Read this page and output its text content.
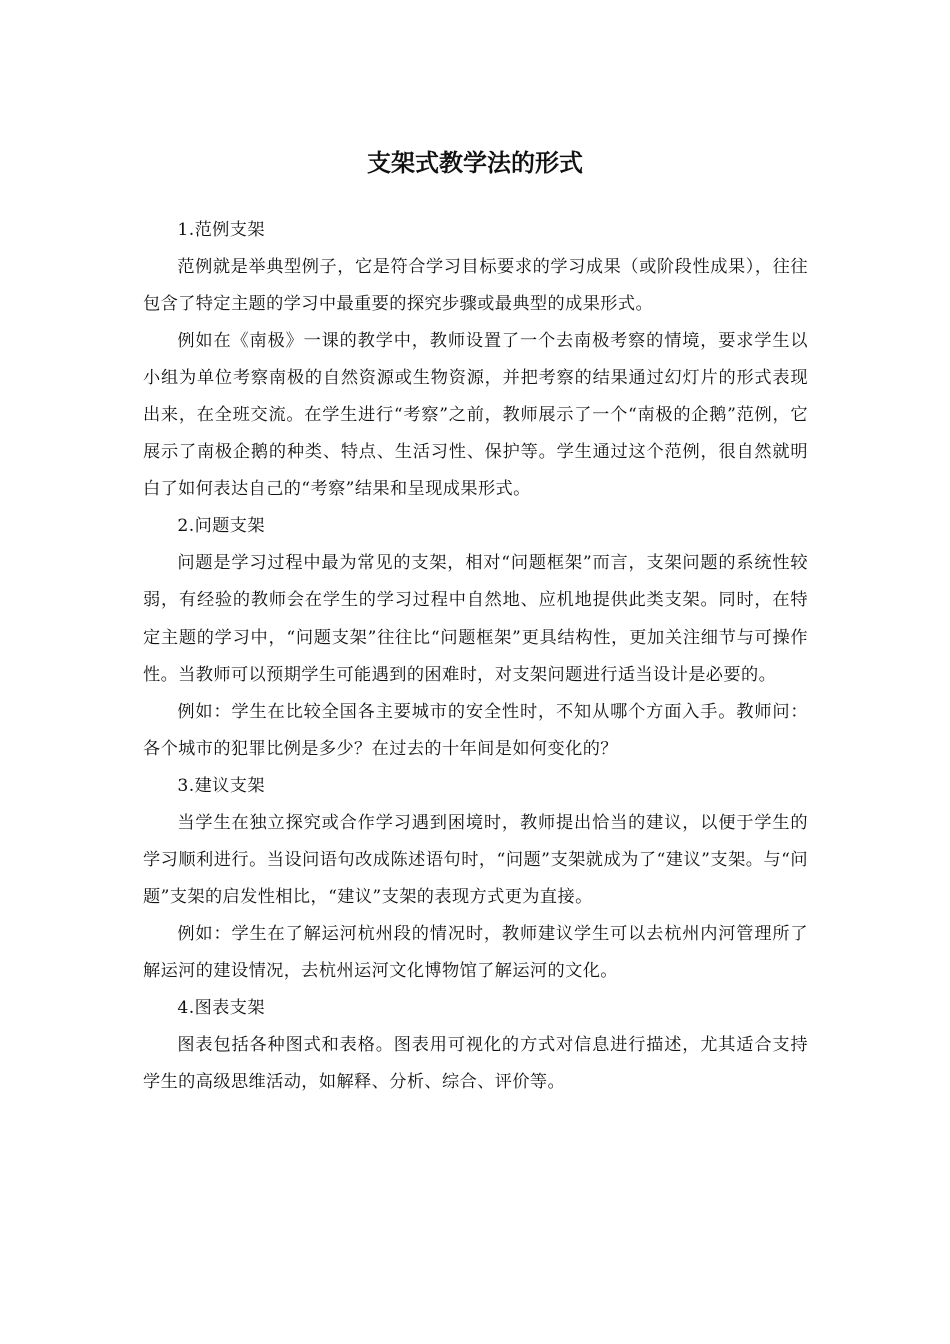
支架式教学法的形式

1.范例支架

范例就是举典型例子，它是符合学习目标要求的学习成果（或阶段性成果），往往包含了特定主题的学习中最重要的探究步骤或最典型的成果形式。

例如在《南极》一课的教学中，教师设置了一个去南极考察的情境，要求学生以小组为单位考察南极的自然资源或生物资源，并把考察的结果通过幻灯片的形式表现出来，在全班交流。在学生进行“考察”之前，教师展示了一个“南极的企鹅”范例，它展示了南极企鹅的种类、特点、生活习性、保护等。学生通过这个范例，很自然就明白了如何表达自己的“考察”结果和呈现成果形式。

2.问题支架

问题是学习过程中最为常见的支架，相对“问题框架”而言，支架问题的系统性较弱，有经验的教师会在学生的学习过程中自然地、应机地提供此类支架。同时，在特定主题的学习中，“问题支架”往往比“问题框架”更具结构性，更加关注细节与可操作性。当教师可以预期学生可能遇到的困难时，对支架问题进行适当设计是必要的。

例如：学生在比较全国各主要城市的安全性时，不知从哪个方面入手。教师问：各个城市的犯罪比例是多少？在过去的十年间是如何变化的？

3.建议支架

当学生在独立探究或合作学习遇到困境时，教师提出恰当的建议，以便于学生的学习顺利进行。当设问语句改成陈述语句时，“问题”支架就成为了“建议”支架。与“问题”支架的启发性相比，“建议”支架的表现方式更为直接。

例如：学生在了解运河杭州段的情况时，教师建议学生可以去杭州内河管理所了解运河的建设情况，去杭州运河文化博物馆了解运河的文化。

4.图表支架

图表包括各种图式和表格。图表用可视化的方式对信息进行描述，尤其适合支持学生的高级思维活动，如解释、分析、综合、评价等。
